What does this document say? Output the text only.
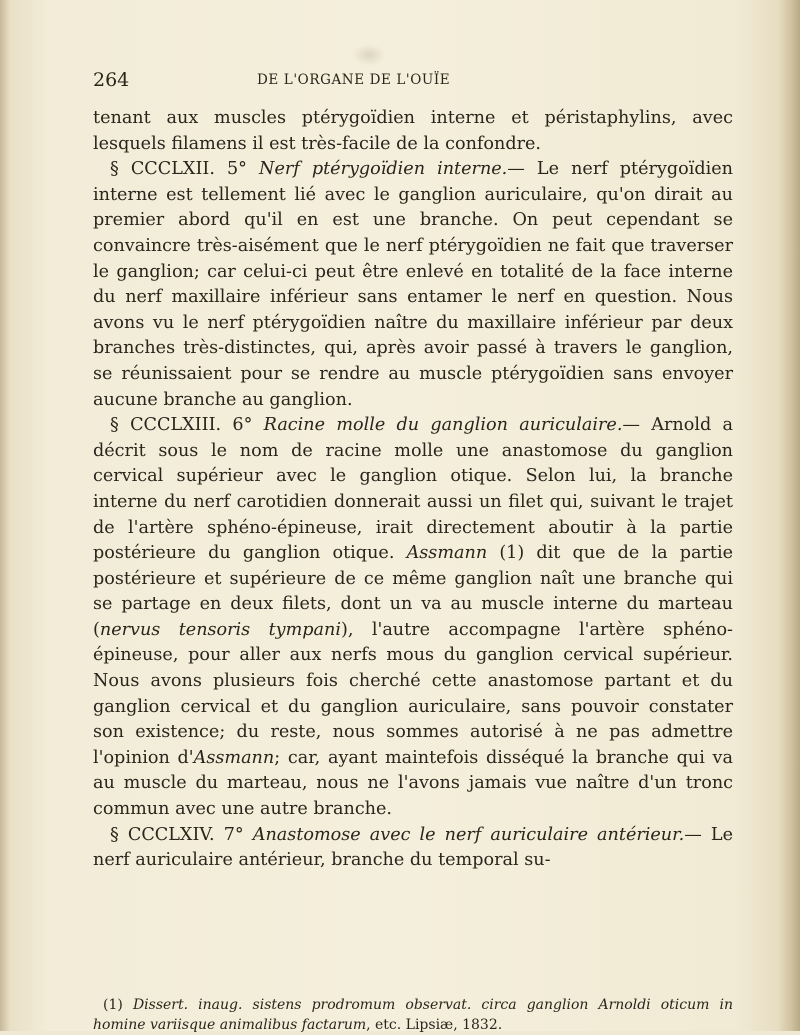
264	DE L'ORGANE DE L'OUÏE

tenant aux muscles ptérygoïdien interne et péristaphylins, avec lesquels filamens il est très-facile de la confondre.

§ CCCLXII. 5° Nerf ptérygoïdien interne.— Le nerf ptérygoïdien interne est tellement lié avec le ganglion auriculaire, qu'on dirait au premier abord qu'il en est une branche. On peut cependant se convaincre très-aisément que le nerf ptérygoïdien ne fait que traverser le ganglion; car celui-ci peut être enlevé en totalité de la face interne du nerf maxillaire inférieur sans entamer le nerf en question. Nous avons vu le nerf ptérygoïdien naître du maxillaire inférieur par deux branches très-distinctes, qui, après avoir passé à travers le ganglion, se réunissaient pour se rendre au muscle ptérygoïdien sans envoyer aucune branche au ganglion.

§ CCCLXIII. 6° Racine molle du ganglion auriculaire.— Arnold a décrit sous le nom de racine molle une anastomose du ganglion cervical supérieur avec le ganglion otique. Selon lui, la branche interne du nerf carotidien donnerait aussi un filet qui, suivant le trajet de l'artère sphéno-épineuse, irait directement aboutir à la partie postérieure du ganglion otique. Assmann (1) dit que de la partie postérieure et supérieure de ce même ganglion naît une branche qui se partage en deux filets, dont un va au muscle interne du marteau (nervus tensoris tympani), l'autre accompagne l'artère sphéno-épineuse, pour aller aux nerfs mous du ganglion cervical supérieur. Nous avons plusieurs fois cherché cette anastomose partant et du ganglion cervical et du ganglion auriculaire, sans pouvoir constater son existence; du reste, nous sommes autorisé à ne pas admettre l'opinion d'Assmann; car, ayant maintefois disséqué la branche qui va au muscle du marteau, nous ne l'avons jamais vue naître d'un tronc commun avec une autre branche.

§ CCCLXIV. 7° Anastomose avec le nerf auriculaire antérieur.— Le nerf auriculaire antérieur, branche du temporal su-

(1) Dissert. inaug. sistens prodromum observat. circa ganglion Arnoldi oticum in homine variisque animalibus factarum, etc. Lipsiæ, 1832.
